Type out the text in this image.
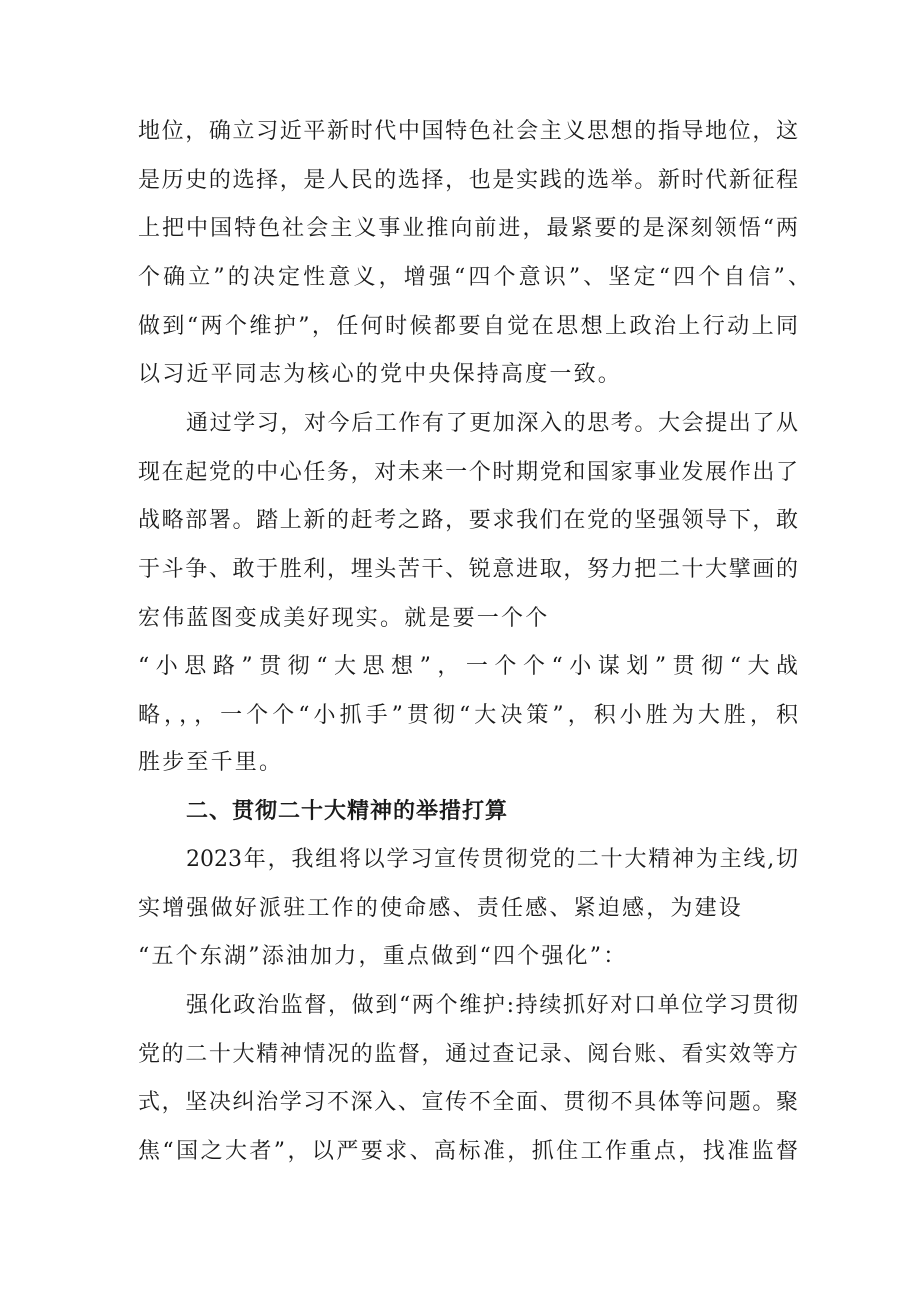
地位，确立习近平新时代中国特色社会主义思想的指导地位，这
是历史的选择，是人民的选择，也是实践的选举。新时代新征程
上把中国特色社会主义事业推向前进，最紧要的是深刻领悟“两
个确立”的决定性意义，增强“四个意识”、坚定“四个自信”、
做到“两个维护”，任何时候都要自觉在思想上政治上行动上同
以习近平同志为核心的党中央保持高度一致。
通过学习，对今后工作有了更加深入的思考。大会提出了从
现在起党的中心任务，对未来一个时期党和国家事业发展作出了
战略部署。踏上新的赶考之路，要求我们在党的坚强领导下，敢
于斗争、敢于胜利，埋头苦干、锐意进取，努力把二十大擘画的
宏伟蓝图变成美好现实。就是要一个个
“小思路”贯彻“大思想”，一个个“小谋划”贯彻“大战
略，，，一个个“小抓手”贯彻“大决策”，积小胜为大胜，积
胜步至千里。
二、贯彻二十大精神的举措打算
2023年，我组将以学习宣传贯彻党的二十大精神为主线,切
实增强做好派驻工作的使命感、责任感、紧迫感，为建设
“五个东湖”添油加力，重点做到“四个强化”：
强化政治监督，做到“两个维护:持续抓好对口单位学习贯彻
党的二十大精神情况的监督，通过查记录、阅台账、看实效等方
式，坚决纠治学习不深入、宣传不全面、贯彻不具体等问题。聚
焦“国之大者”，以严要求、高标准，抓住工作重点，找准监督
